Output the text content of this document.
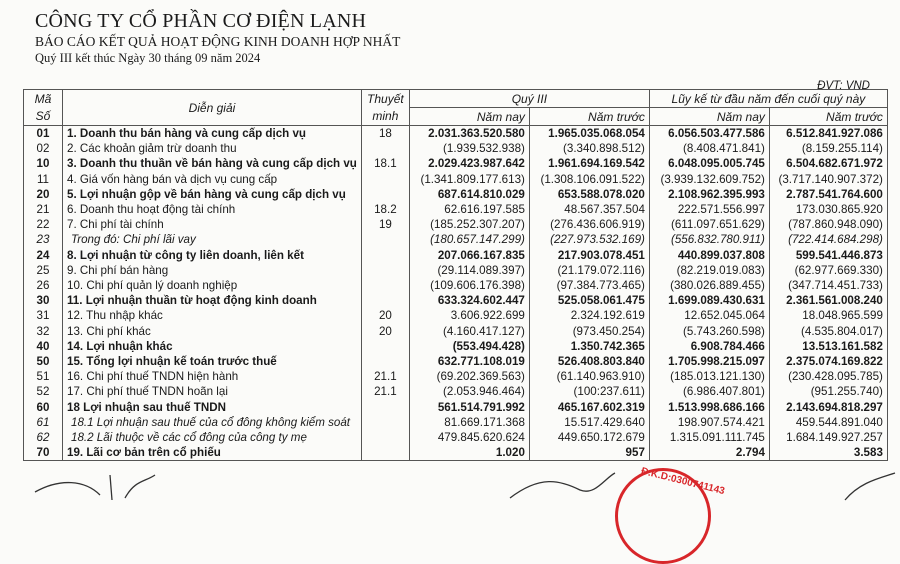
CÔNG TY CỔ PHẦN CƠ ĐIỆN LẠNH
BÁO CÁO KẾT QUẢ HOẠT ĐỘNG KINH DOANH HỢP NHẤT
Quý III kết thúc Ngày 30 tháng 09 năm 2024
ĐVT: VND
Mã Số	Diễn giải	Thuyết minh	Quý III		Lũy kế từ đầu năm đến cuối quý này	
			Năm nay	Năm trước	Năm nay	Năm trước
01	1. Doanh thu bán hàng và cung cấp dịch vụ	18	2.031.363.520.580	1.965.035.068.054	6.056.503.477.586	6.512.841.927.086
02	2. Các khoản giảm trừ doanh thu		(1.939.532.938)	(3.340.898.512)	(8.408.471.841)	(8.159.255.114)
10	3. Doanh thu thuần về bán hàng và cung cấp dịch vụ	18.1	2.029.423.987.642	1.961.694.169.542	6.048.095.005.745	6.504.682.671.972
11	4. Giá vốn hàng bán và dịch vụ cung cấp		(1.341.809.177.613)	(1.308.106.091.522)	(3.939.132.609.752)	(3.717.140.907.372)
20	5. Lợi nhuận gộp về bán hàng và cung cấp dịch vụ		687.614.810.029	653.588.078.020	2.108.962.395.993	2.787.541.764.600
21	6. Doanh thu hoạt động tài chính	18.2	62.616.197.585	48.567.357.504	222.571.556.997	173.030.865.920
22	7. Chi phí tài chính	19	(185.252.307.207)	(276.436.606.919)	(611.097.651.629)	(787.860.948.090)
23	Trong đó: Chi phí lãi vay		(180.657.147.299)	(227.973.532.169)	(556.832.780.911)	(722.414.684.298)
24	8. Lợi nhuận từ công ty liên doanh, liên kết		207.066.167.835	217.903.078.451	440.899.037.808	599.541.446.873
25	9. Chi phí bán hàng		(29.114.089.397)	(21.179.072.116)	(82.219.019.083)	(62.977.669.330)
26	10. Chi phí quản lý doanh nghiệp		(109.606.176.398)	(97.384.773.465)	(380.026.889.455)	(347.714.451.733)
30	11. Lợi nhuận thuần từ hoạt động kinh doanh		633.324.602.447	525.058.061.475	1.699.089.430.631	2.361.561.008.240
31	12. Thu nhập khác	20	3.606.922.699	2.324.192.619	12.652.045.064	18.048.965.599
32	13. Chi phí khác	20	(4.160.417.127)	(973.450.254)	(5.743.260.598)	(4.535.804.017)
40	14. Lợi nhuận khác		(553.494.428)	1.350.742.365	6.908.784.466	13.513.161.582
50	15. Tổng lợi nhuận kế toán trước thuế		632.771.108.019	526.408.803.840	1.705.998.215.097	2.375.074.169.822
51	16. Chi phí thuế TNDN hiện hành	21.1	(69.202.369.563)	(61.140.963.910)	(185.013.121.130)	(230.428.095.785)
52	17. Chi phí thuế TNDN hoãn lại	21.1	(2.053.946.464)	(100:237.611)	(6.986.407.801)	(951.255.740)
60	18 Lợi nhuận sau thuế TNDN		561.514.791.992	465.167.602.319	1.513.998.686.166	2.143.694.818.297
61	18.1 Lợi nhuận sau thuế của cổ đông không kiểm soát		81.669.171.368	15.517.429.640	198.907.574.421	459.544.891.040
62	18.2 Lãi thuộc về các cổ đông của công ty mẹ		479.845.620.624	449.650.172.679	1.315.091.111.745	1.684.149.927.257
70	19. Lãi cơ bản trên cổ phiếu		1.020	957	2.794	3.583
Đ.K.D:0300741143
